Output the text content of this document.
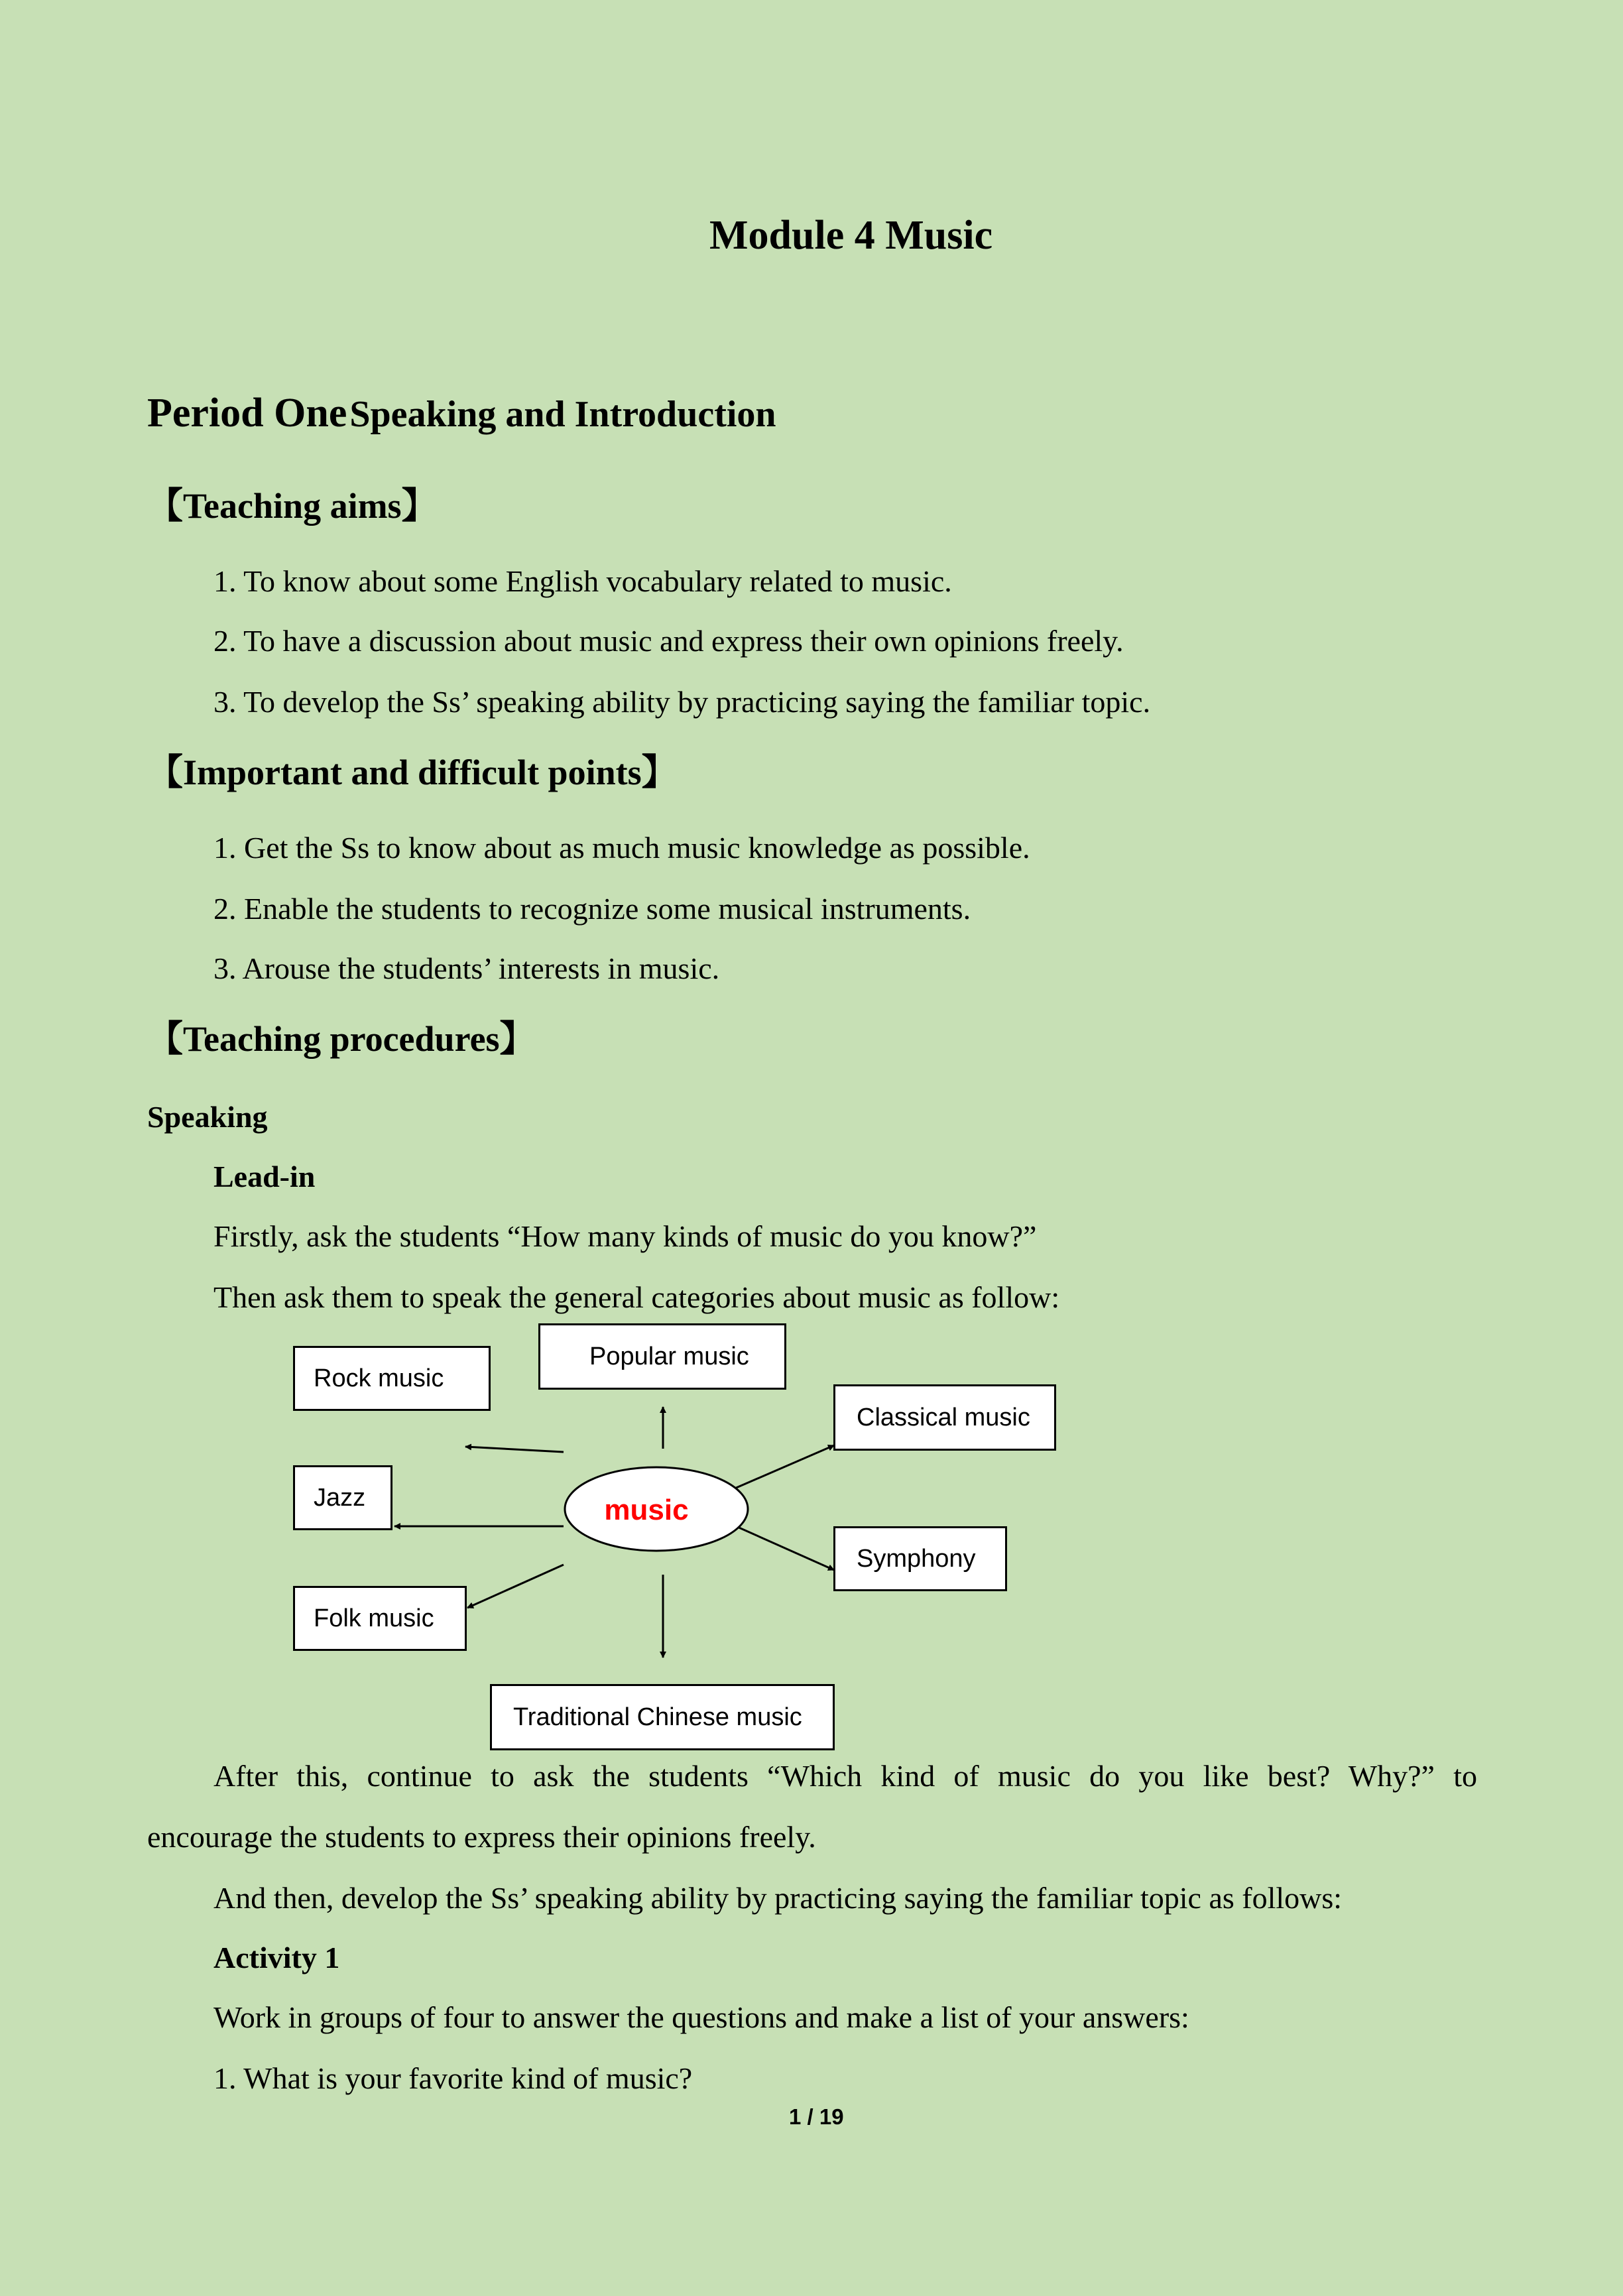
Module 4 Music
Period One Speaking and Introduction
【Teaching aims】
1. To know about some English vocabulary related to music.
2. To have a discussion about music and express their own opinions freely.
3. To develop the Ss’ speaking ability by practicing saying the familiar topic.
【Important and difficult points】
1. Get the Ss to know about as much music knowledge as possible.
2. Enable the students to recognize some musical instruments.
3. Arouse the students’ interests in music.
【Teaching procedures】
Speaking
Lead-in
Firstly, ask the students “How many kinds of music do you know?”
Then ask them to speak the general categories about music as follow:
music
Rock music
Popular music
Classical music
Jazz
Symphony
Folk music
Traditional Chinese music
After this, continue to ask the students “Which kind of music do you like best? Why?” to
encourage the students to express their opinions freely.
And then, develop the Ss’ speaking ability by practicing saying the familiar topic as follows:
Activity 1
Work in groups of four to answer the questions and make a list of your answers:
1. What is your favorite kind of music?
1 / 19
